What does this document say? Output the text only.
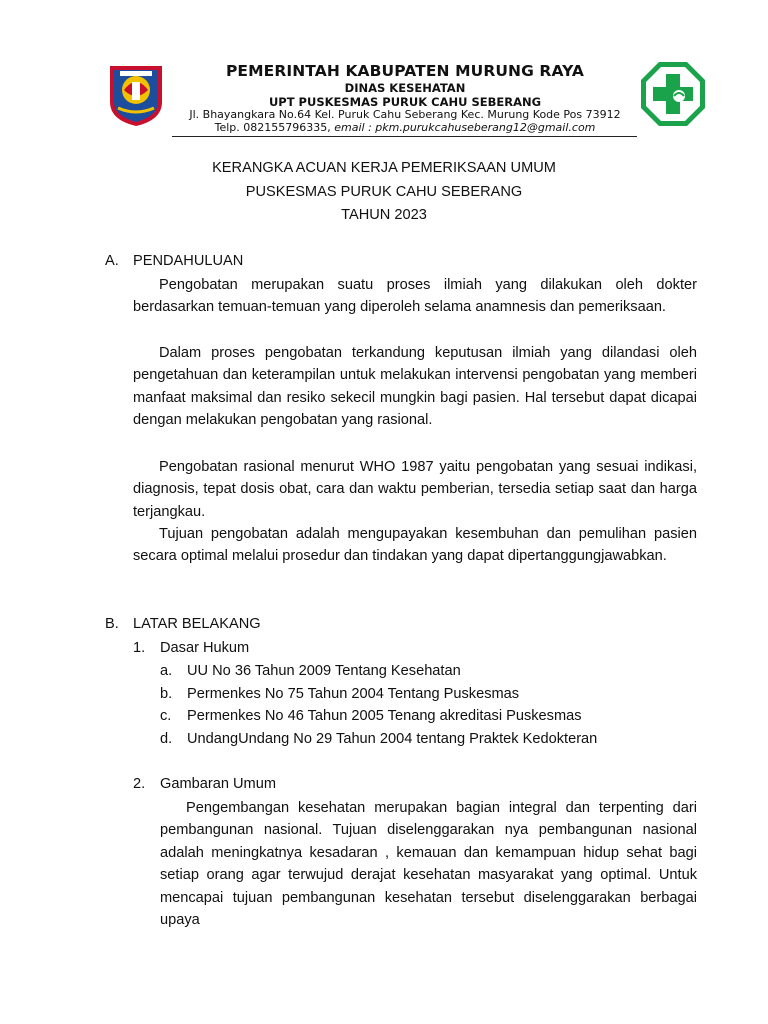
PEMERINTAH KABUPATEN MURUNG RAYA
DINAS KESEHATAN
UPT PUSKESMAS PURUK CAHU SEBERANG
Jl. Bhayangkara No.64 Kel. Puruk Cahu Seberang Kec. Murung Kode Pos 73912
Telp. 082155796335, email : pkm.purukcahuseberang12@gmail.com
KERANGKA ACUAN KERJA PEMERIKSAAN UMUM
PUSKESMAS PURUK CAHU SEBERANG
TAHUN 2023
A. PENDAHULUAN
Pengobatan merupakan suatu proses ilmiah yang dilakukan oleh dokter berdasarkan temuan-temuan yang diperoleh selama anamnesis dan pemeriksaan.
Dalam proses pengobatan terkandung keputusan ilmiah yang dilandasi oleh pengetahuan dan keterampilan untuk melakukan intervensi pengobatan yang memberi manfaat maksimal dan resiko sekecil mungkin bagi pasien. Hal tersebut dapat dicapai dengan melakukan pengobatan yang rasional.
Pengobatan rasional menurut WHO 1987 yaitu pengobatan yang sesuai indikasi, diagnosis, tepat dosis obat, cara dan waktu pemberian, tersedia setiap saat dan harga terjangkau.
Tujuan pengobatan adalah mengupayakan kesembuhan dan pemulihan pasien secara optimal melalui prosedur dan tindakan yang dapat dipertanggungjawabkan.
B. LATAR BELAKANG
1. Dasar Hukum
a. UU No 36 Tahun 2009 Tentang Kesehatan
b. Permenkes No 75 Tahun 2004 Tentang Puskesmas
c. Permenkes No 46 Tahun 2005 Tenang akreditasi Puskesmas
d. UndangUndang No 29 Tahun 2004 tentang Praktek Kedokteran
2. Gambaran Umum
Pengembangan kesehatan merupakan bagian integral dan terpenting dari pembangunan nasional. Tujuan diselenggarakan nya pembangunan nasional adalah meningkatnya kesadaran , kemauan dan kemampuan hidup sehat bagi setiap orang agar terwujud derajat kesehatan masyarakat yang optimal. Untuk mencapai tujuan pembangunan kesehatan tersebut diselenggarakan berbagai upaya
